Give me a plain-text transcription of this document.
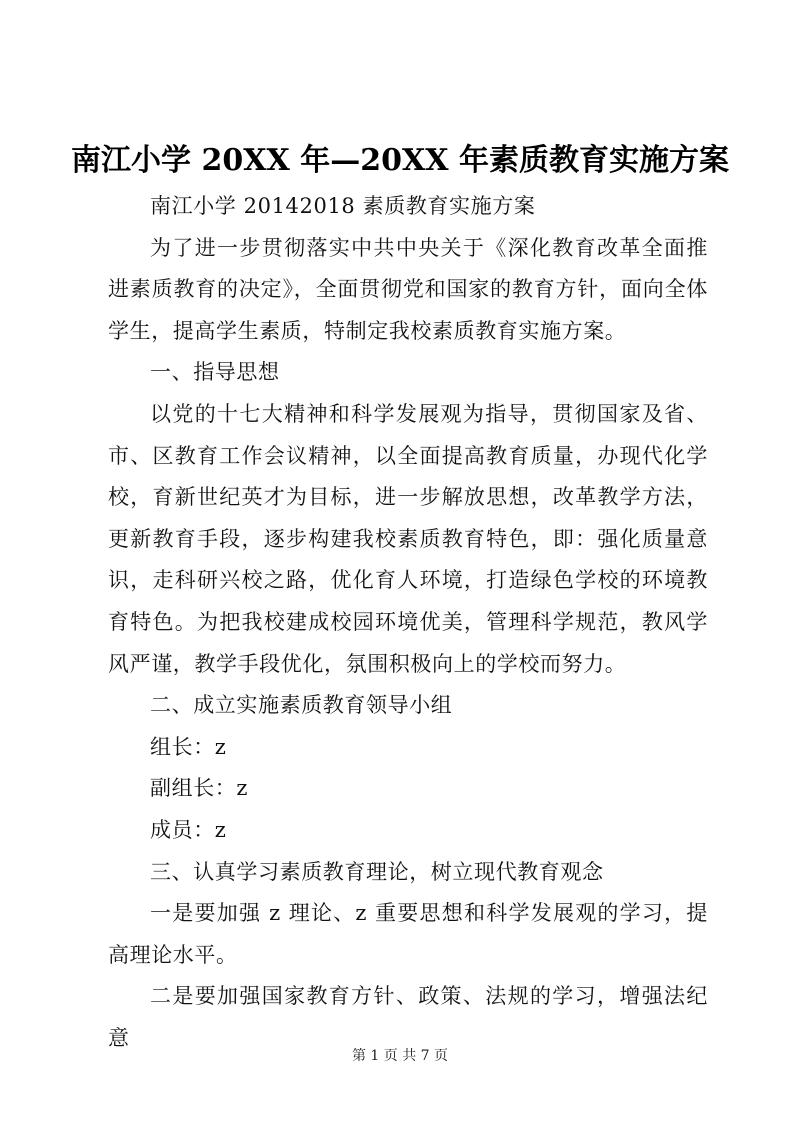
南江小学 20XX 年—20XX 年素质教育实施方案

南江小学 20142018 素质教育实施方案

为了进一步贯彻落实中共中央关于《深化教育改革全面推进素质教育的决定》，全面贯彻党和国家的教育方针，面向全体学生，提高学生素质，特制定我校素质教育实施方案。

一、指导思想

以党的十七大精神和科学发展观为指导，贯彻国家及省、市、区教育工作会议精神，以全面提高教育质量，办现代化学校，育新世纪英才为目标，进一步解放思想，改革教学方法，更新教育手段，逐步构建我校素质教育特色，即：强化质量意识，走科研兴校之路，优化育人环境，打造绿色学校的环境教育特色。为把我校建成校园环境优美，管理科学规范，教风学风严谨，教学手段优化，氛围积极向上的学校而努力。

二、成立实施素质教育领导小组

组长：z

副组长：z

成员：z

三、认真学习素质教育理论，树立现代教育观念

一是要加强 z 理论、z 重要思想和科学发展观的学习，提高理论水平。

二是要加强国家教育方针、政策、法规的学习，增强法纪意

第 1 页 共 7 页
